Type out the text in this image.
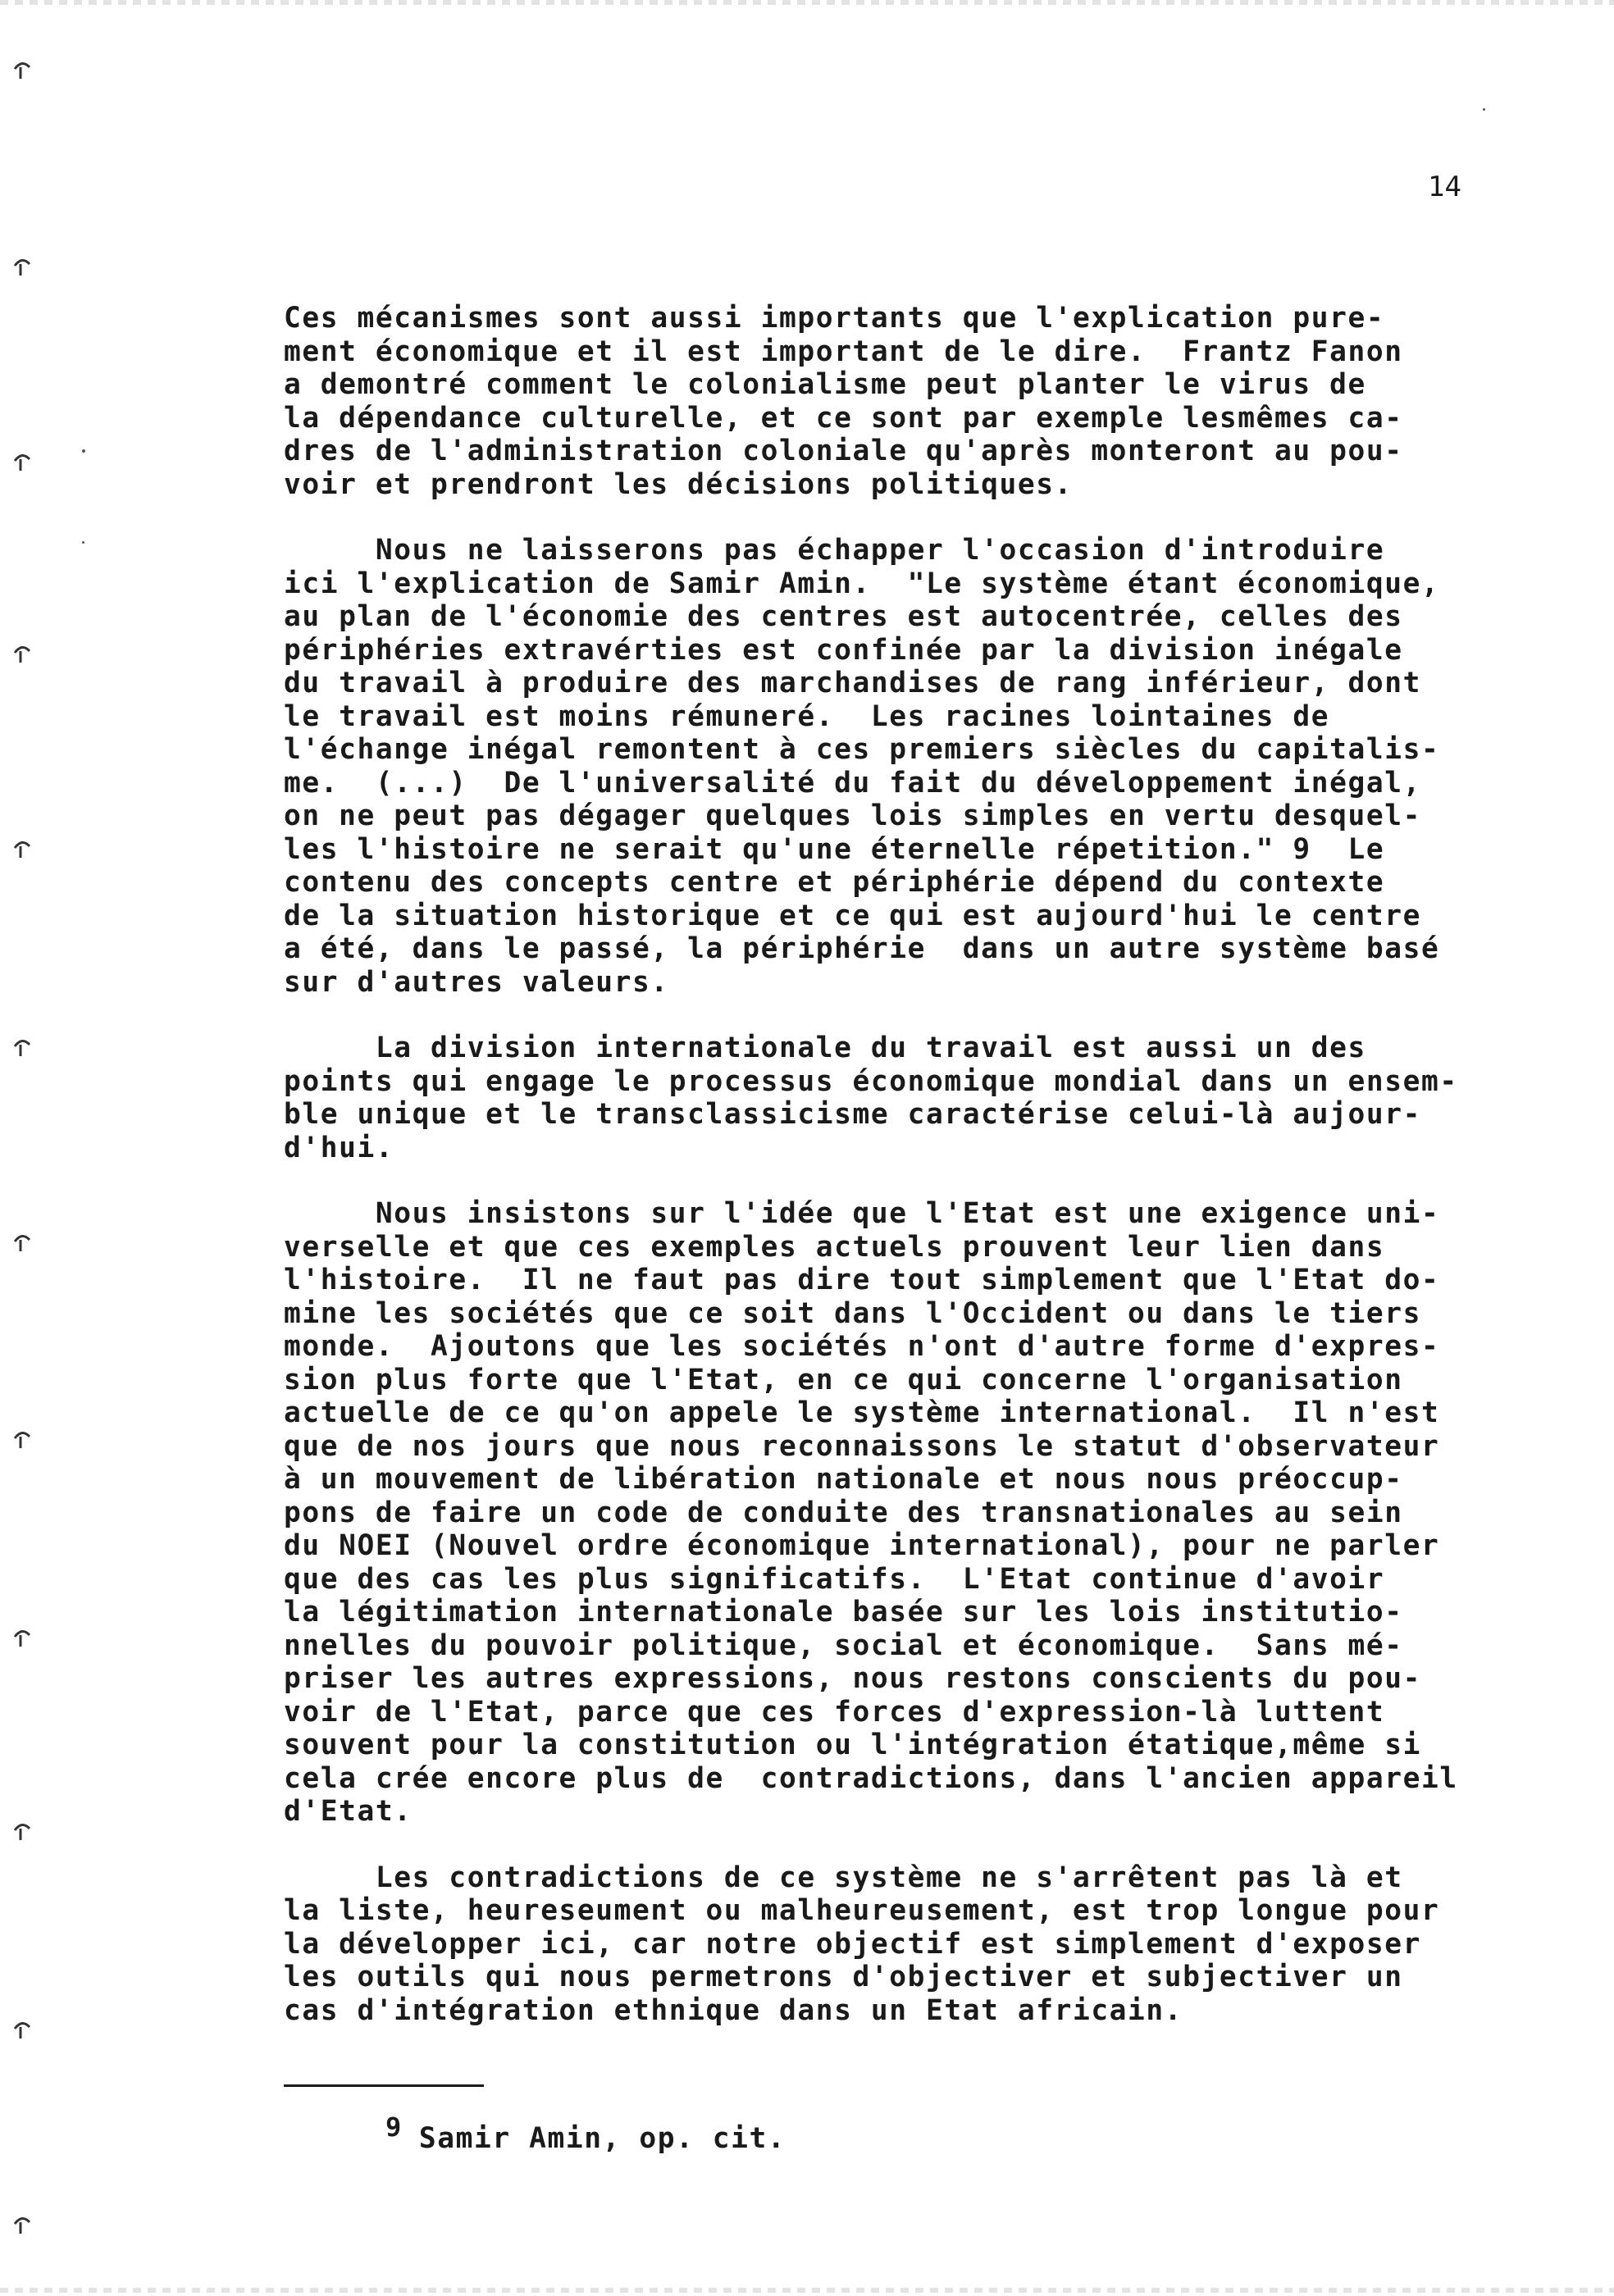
14

Ces mécanismes sont aussi importants que l'explication pure-
ment économique et il est important de le dire.  Frantz Fanon
a demontré comment le colonialisme peut planter le virus de
la dépendance culturelle, et ce sont par exemple lesmêmes ca-
dres de l'administration coloniale qu'après monteront au pou-
voir et prendront les décisions politiques.

Nous ne laisserons pas échapper l'occasion d'introduire
ici l'explication de Samir Amin.  "Le système étant économique,
au plan de l'économie des centres est autocentrée, celles des
périphéries extravérties est confinée par la division inégale
du travail à produire des marchandises de rang inférieur, dont
le travail est moins rémuneré.  Les racines lointaines de
l'échange inégal remontent à ces premiers siècles du capitalis-
me.  (...)  De l'universalité du fait du développement inégal,
on ne peut pas dégager quelques lois simples en vertu desquel-
les l'histoire ne serait qu'une éternelle répetition." 9  Le
contenu des concepts centre et périphérie dépend du contexte
de la situation historique et ce qui est aujourd'hui le centre
a été, dans le passé, la périphérie  dans un autre système basé
sur d'autres valeurs.

La division internationale du travail est aussi un des
points qui engage le processus économique mondial dans un ensem-
ble unique et le transclassicisme caractérise celui-là aujour-
d'hui.

Nous insistons sur l'idée que l'Etat est une exigence uni-
verselle et que ces exemples actuels prouvent leur lien dans
l'histoire.  Il ne faut pas dire tout simplement que l'Etat do-
mine les sociétés que ce soit dans l'Occident ou dans le tiers
monde.  Ajoutons que les sociétés n'ont d'autre forme d'expres-
sion plus forte que l'Etat, en ce qui concerne l'organisation
actuelle de ce qu'on appele le système international.  Il n'est
que de nos jours que nous reconnaissons le statut d'observateur
à un mouvement de libération nationale et nous nous préoccup-
pons de faire un code de conduite des transnationales au sein
du NOEI (Nouvel ordre économique international), pour ne parler
que des cas les plus significatifs.  L'Etat continue d'avoir
la légitimation internationale basée sur les lois institutio-
nnelles du pouvoir politique, social et économique.  Sans mé-
priser les autres expressions, nous restons conscients du pou-
voir de l'Etat, parce que ces forces d'expression-là luttent
souvent pour la constitution ou l'intégration étatique,même si
cela crée encore plus de  contradictions, dans l'ancien appareil
d'Etat.

Les contradictions de ce système ne s'arrêtent pas là et
la liste, heureseument ou malheureusement, est trop longue pour
la développer ici, car notre objectif est simplement d'exposer
les outils qui nous permetrons d'objectiver et subjectiver un
cas d'intégration ethnique dans un Etat africain.

9 Samir Amin, op. cit.
